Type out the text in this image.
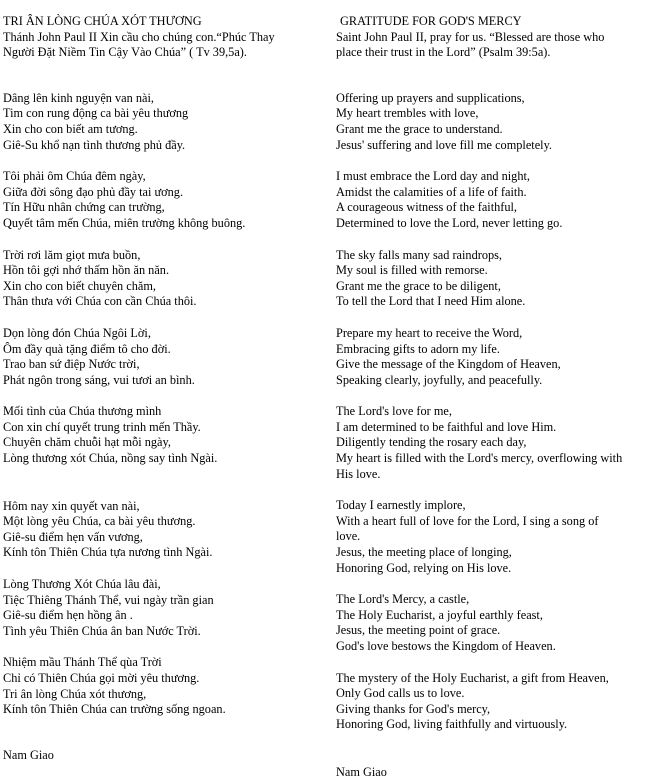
TRI ÂN LÒNG CHÚA XÓT THƯƠNG
Thánh John Paul II Xin cầu cho chúng con.“Phúc Thay
Người Đặt Niềm Tin Cậy Vào Chúa” ( Tv 39,5a).
Dâng lên kinh nguyện van nài,
Tim con rung động ca bài yêu thương
Xin cho con biết am tương.
Giê-Su khổ nạn tình thương phủ đầy.
Tôi phải ôm Chúa đêm ngày,
Giữa đời sông đạo phủ đầy tai ương.
Tín Hữu nhân chứng can trường,
Quyết tâm mến Chúa, miên trường không buông.
Trời rơi lăm giọt mưa buồn,
Hồn tôi gợi nhớ thấm hồn ăn năn.
Xin cho con biết chuyên chăm,
Thân thưa với Chúa con cần Chúa thôi.
Dọn lòng đón Chúa Ngôi Lời,
Ôm đầy quà tặng điểm tô cho đời.
Trao ban sứ điệp Nước trời,
Phát ngôn trong sáng, vui tươi an bình.
Mối tình của Chúa thương mình
Con xin chí quyết trung trinh mến Thầy.
Chuyên chăm chuỗi hạt mỗi ngày,
Lòng thương xót Chúa, nồng say tình Ngài.
Hôm nay xin quyết van nài,
Một lòng yêu Chúa, ca bài yêu thương.
Giê-su điểm hẹn vấn vương,
Kính tôn Thiên Chúa tựa nương tình Ngài.
Lòng Thương Xót Chúa lâu đài,
Tiệc Thiêng Thánh Thể, vui ngày trần gian
Giê-su điểm hẹn hồng ân .
Tình yêu Thiên Chúa ân ban Nước Trời.
Nhiệm mầu Thánh Thể qùa Trời
Chỉ có Thiên Chúa gọi mời yêu thương.
Tri ân lòng Chúa xót thương,
Kính tôn Thiên Chúa can trường sống ngoan.
Nam Giao
GRATITUDE FOR GOD'S MERCY
Saint John Paul II, pray for us. “Blessed are those who
place their trust in the Lord” (Psalm 39:5a).
Offering up prayers and supplications,
My heart trembles with love,
Grant me the grace to understand.
Jesus' suffering and love fill me completely.
I must embrace the Lord day and night,
Amidst the calamities of a life of faith.
A courageous witness of the faithful,
Determined to love the Lord, never letting go.
The sky falls many sad raindrops,
My soul is filled with remorse.
Grant me the grace to be diligent,
To tell the Lord that I need Him alone.
Prepare my heart to receive the Word,
Embracing gifts to adorn my life.
Give the message of the Kingdom of Heaven,
Speaking clearly, joyfully, and peacefully.
The Lord's love for me,
I am determined to be faithful and love Him.
Diligently tending the rosary each day,
My heart is filled with the Lord's mercy, overflowing with
His love.
Today I earnestly implore,
With a heart full of love for the Lord, I sing a song of
love.
Jesus, the meeting place of longing,
Honoring God, relying on His love.
The Lord's Mercy, a castle,
The Holy Eucharist, a joyful earthly feast,
Jesus, the meeting point of grace.
God's love bestows the Kingdom of Heaven.
The mystery of the Holy Eucharist, a gift from Heaven,
Only God calls us to love.
Giving thanks for God's mercy,
Honoring God, living faithfully and virtuously.
Nam Giao
